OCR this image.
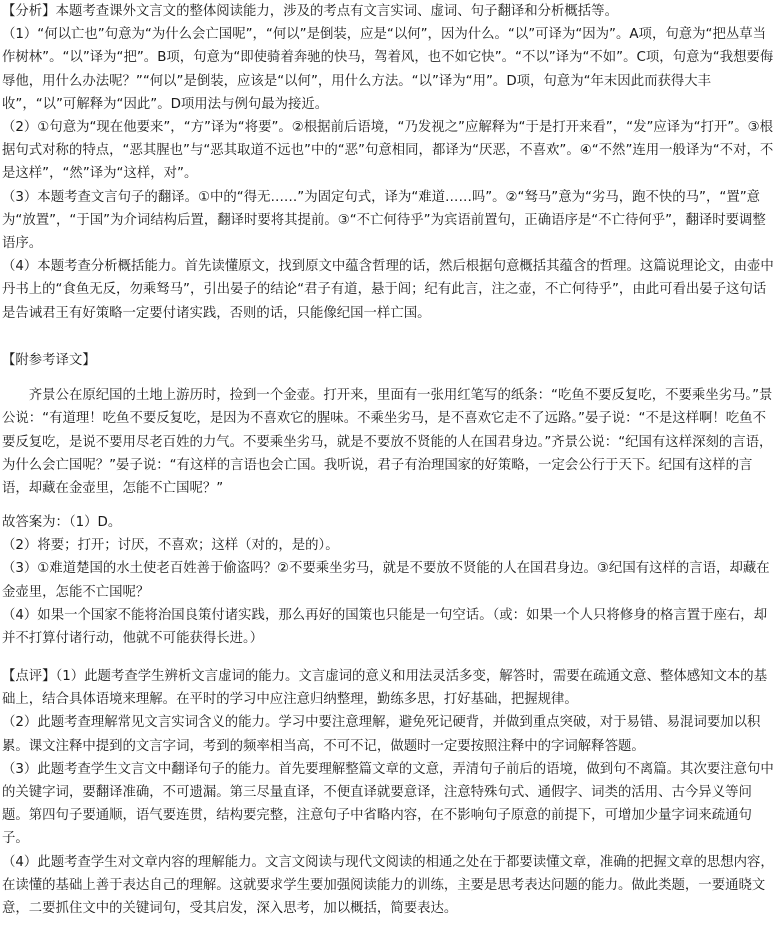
【分析】本题考查课外文言文的整体阅读能力，涉及的考点有文言实词、虚词、句子翻译和分析概括等。

（1）“何以亡也”句意为“为什么会亡国呢”，“何以”是倒装，应是“以何”，因为什么。“以”可译为“因为”。A项，句意为“把丛草当作树林”。“以”译为“把”。B项，句意为“即使骑着奔驰的快马，驾着风，也不如它快”。“不以”译为“不如”。C项，句意为“我想要侮辱他，用什么办法呢？”“何以”是倒装，应该是“以何”，用什么方法。“以”译为“用”。D项，句意为“年末因此而获得大丰收”，“以”可解释为“因此”。D项用法与例句最为接近。

（2）①句意为“现在他要来”，“方”译为“将要”。②根据前后语境，“乃发视之”应解释为“于是打开来看”，“发”应译为“打开”。③根据句式对称的特点，“恶其腥也”与“恶其取道不远也”中的“恶”句意相同，都译为“厌恶，不喜欢”。④“不然”连用一般译为“不对，不是这样”，“然”译为“这样，对”。

（3）本题考查文言句子的翻译。①中的“得无……”为固定句式，译为“难道……吗”。②“驽马”意为“劣马，跑不快的马”，“置”意为“放置”，“于国”为介词结构后置，翻译时要将其提前。③“不亡何待乎”为宾语前置句，正确语序是“不亡待何乎”，翻译时要调整语序。

（4）本题考查分析概括能力。首先读懂原文，找到原文中蕴含哲理的话，然后根据句意概括其蕴含的哲理。这篇说理论文，由壶中丹书上的“食鱼无反，勿乘驽马”，引出晏子的结论“君子有道，悬于闾；纪有此言，注之壶，不亡何待乎”，由此可看出晏子这句话是告诫君王有好策略一定要付诸实践，否则的话，只能像纪国一样亡国。

【附参考译文】

齐景公在原纪国的土地上游历时，捡到一个金壶。打开来，里面有一张用红笔写的纸条：“吃鱼不要反复吃，不要乘坐劣马。”景公说：“有道理！吃鱼不要反复吃，是因为不喜欢它的腥味。不乘坐劣马，是不喜欢它走不了远路。”晏子说：“不是这样啊！吃鱼不要反复吃，是说不要用尽老百姓的力气。不要乘坐劣马，就是不要放不贤能的人在国君身边。”齐景公说：“纪国有这样深刻的言语，为什么会亡国呢？”晏子说：“有这样的言语也会亡国。我听说，君子有治理国家的好策略，一定会公行于天下。纪国有这样的言语，却藏在金壶里，怎能不亡国呢？”

故答案为：（1）D。

（2）将要；打开；讨厌，不喜欢；这样（对的，是的）。

（3）①难道楚国的水土使老百姓善于偷盗吗？②不要乘坐劣马，就是不要放不贤能的人在国君身边。③纪国有这样的言语，却藏在金壶里，怎能不亡国呢？

（4）如果一个国家不能将治国良策付诸实践，那么再好的国策也只能是一句空话。（或：如果一个人只将修身的格言置于座右，却并不打算付诸行动，他就不可能获得长进。）

【点评】（1）此题考查学生辨析文言虚词的能力。文言虚词的意义和用法灵活多变，解答时，需要在疏通文意、整体感知文本的基础上，结合具体语境来理解。在平时的学习中应注意归纳整理，勤练多思，打好基础，把握规律。

（2）此题考查理解常见文言实词含义的能力。学习中要注意理解，避免死记硬背，并做到重点突破，对于易错、易混词要加以积累。课文注释中提到的文言字词，考到的频率相当高，不可不记，做题时一定要按照注释中的字词解释答题。

（3）此题考查学生文言文中翻译句子的能力。首先要理解整篇文章的文意，弄清句子前后的语境，做到句不离篇。其次要注意句中的关键字词，要翻译准确，不可遗漏。第三尽量直译，不便直译就要意译，注意特殊句式、通假字、词类的活用、古今异义等问题。第四句子要通顺，语气要连贯，结构要完整，注意句子中省略内容，在不影响句子原意的前提下，可增加少量字词来疏通句子。

（4）此题考查学生对文章内容的理解能力。文言文阅读与现代文阅读的相通之处在于都要读懂文章，准确的把握文章的思想内容，在读懂的基础上善于表达自己的理解。这就要求学生要加强阅读能力的训练，主要是思考表达问题的能力。做此类题，一要通晓文意，二要抓住文中的关键词句，受其启发，深入思考，加以概括，简要表达。
